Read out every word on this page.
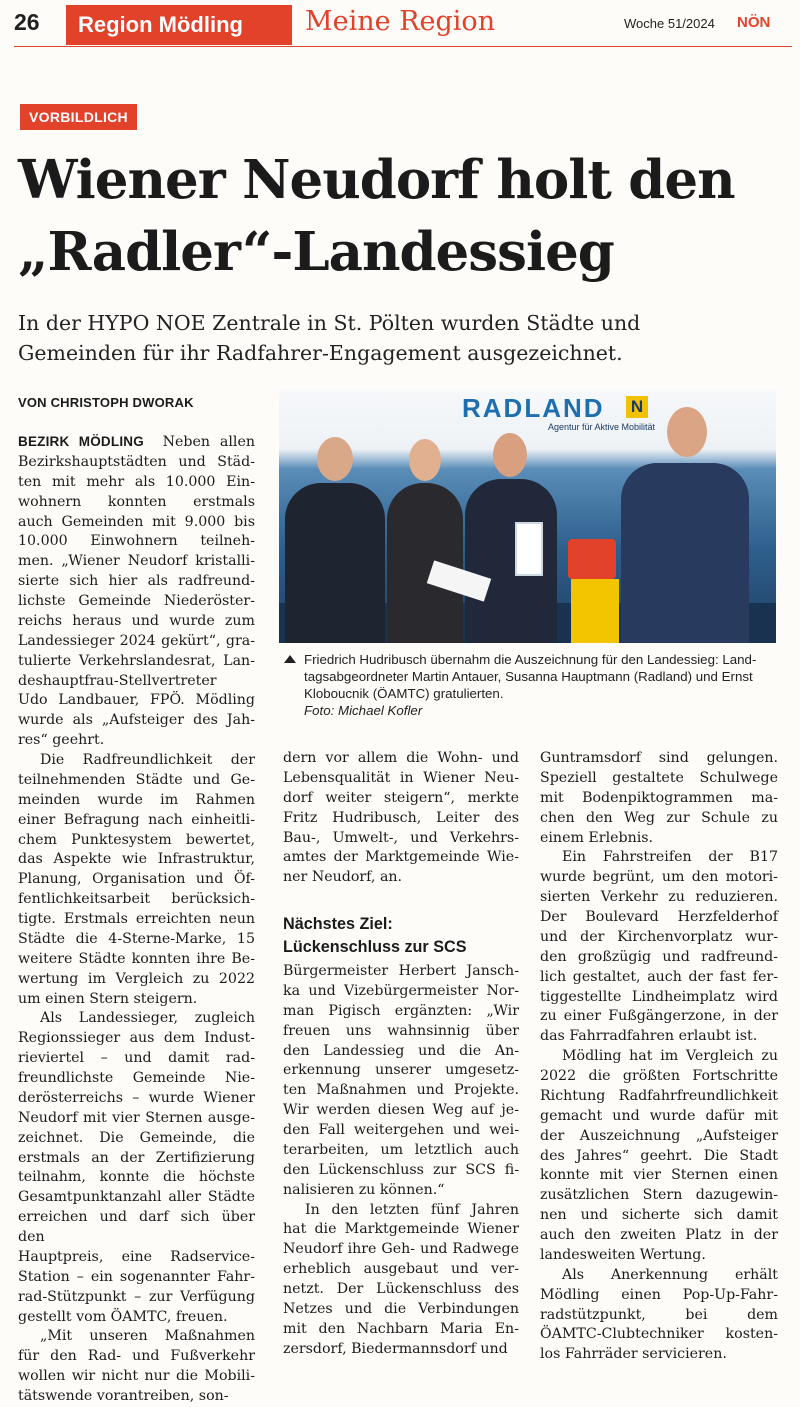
26	Region Mödling	Meine Region	Woche 51/2024 NÖN
VORBILDLICH
Wiener Neudorf holt den
„Radler“-Landessieg
In der HYPO NOE Zentrale in St. Pölten wurden Städte und
Gemeinden für ihr Radfahrer-Engagement ausgezeichnet.
VON CHRISTOPH DWORAK	RADLAND N
Agentur für Aktive Mobilität
Friedrich Hudribusch übernahm die Auszeichnung für den Landessieg: Land-
tagsabgeordneter Martin Antauer, Susanna Hauptmann (Radland) und Ernst
Kloboucnik (ÖAMTC) gratulierten.
Foto: Michael Kofler
BEZIRK MÖDLING  Neben allen
Bezirkshauptstädten und Städ-
ten mit mehr als 10.000 Ein-
wohnern konnten erstmals
auch Gemeinden mit 9.000 bis
10.000 Einwohnern teilneh-
men. „Wiener Neudorf kristalli-
sierte sich hier als radfreund-
lichste Gemeinde Niederöster-
reichs heraus und wurde zum
Landessieger 2024 gekürt“, gra-
tulierte Verkehrslandesrat, Lan-
deshauptfrau-Stellvertreter
Udo Landbauer, FPÖ. Mödling
wurde als „Aufsteiger des Jah-
res“ geehrt.
Die Radfreundlichkeit der
teilnehmenden Städte und Ge-
meinden wurde im Rahmen
einer Befragung nach einheitli-
chem Punktesystem bewertet,
das Aspekte wie Infrastruktur,
Planung, Organisation und Öf-
fentlichkeitsarbeit berücksich-
tigte. Erstmals erreichten neun
Städte die 4-Sterne-Marke, 15
weitere Städte konnten ihre Be-
wertung im Vergleich zu 2022
um einen Stern steigern.
Als Landessieger, zugleich
Regionssieger aus dem Indust-
rieviertel – und damit rad-
freundlichste Gemeinde Nie-
derösterreichs – wurde Wiener
Neudorf mit vier Sternen ausge-
zeichnet. Die Gemeinde, die
erstmals an der Zertifizierung
teilnahm, konnte die höchste
Gesamtpunktanzahl aller Städte
erreichen und darf sich über den
Hauptpreis, eine Radservice-
Station – ein sogenannter Fahr-
rad-Stützpunkt – zur Verfügung
gestellt vom ÖAMTC, freuen.
„Mit unseren Maßnahmen
für den Rad- und Fußverkehr
wollen wir nicht nur die Mobili-
tätswende vorantreiben, son-
dern vor allem die Wohn- und
Lebensqualität in Wiener Neu-
dorf weiter steigern“, merkte
Fritz Hudribusch, Leiter des
Bau-, Umwelt-, und Verkehrs-
amtes der Marktgemeinde Wie-
ner Neudorf, an.
Nächstes Ziel:
Lückenschluss zur SCS
Bürgermeister Herbert Jansch-
ka und Vizebürgermeister Nor-
man Pigisch ergänzten: „Wir
freuen uns wahnsinnig über
den Landessieg und die An-
erkennung unserer umgesetz-
ten Maßnahmen und Projekte.
Wir werden diesen Weg auf je-
den Fall weitergehen und wei-
terarbeiten, um letztlich auch
den Lückenschluss zur SCS fi-
nalisieren zu können.“
In den letzten fünf Jahren
hat die Marktgemeinde Wiener
Neudorf ihre Geh- und Radwege
erheblich ausgebaut und ver-
netzt. Der Lückenschluss des
Netzes und die Verbindungen
mit den Nachbarn Maria En-
zersdorf, Biedermannsdorf und
Guntramsdorf sind gelungen.
Speziell gestaltete Schulwege
mit Bodenpiktogrammen ma-
chen den Weg zur Schule zu
einem Erlebnis.
Ein Fahrstreifen der B17
wurde begrünt, um den motori-
sierten Verkehr zu reduzieren.
Der Boulevard Herzfelderhof
und der Kirchenvorplatz wur-
den großzügig und radfreund-
lich gestaltet, auch der fast fer-
tiggestellte Lindheimplatz wird
zu einer Fußgängerzone, in der
das Fahrradfahren erlaubt ist.
Mödling hat im Vergleich zu
2022 die größten Fortschritte
Richtung Radfahrfreundlichkeit
gemacht und wurde dafür mit
der Auszeichnung „Aufsteiger
des Jahres“ geehrt. Die Stadt
konnte mit vier Sternen einen
zusätzlichen Stern dazugewin-
nen und sicherte sich damit
auch den zweiten Platz in der
landesweiten Wertung.
Als Anerkennung erhält
Mödling einen Pop-Up-Fahr-
radstützpunkt, bei dem
ÖAMTC-Clubtechniker kosten-
los Fahrräder servicieren.
